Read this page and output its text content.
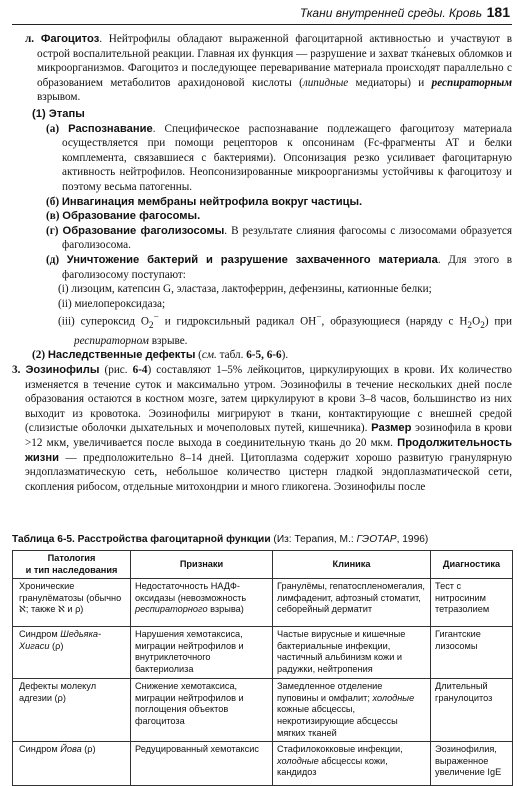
Ткани внутренней среды. Кровь 181
л. Фагоцитоз. Нейтрофилы обладают выраженной фагоцитарной активностью и участвуют в острой воспалительной реакции. Главная их функция — разрушение и захват тка́невых обломков и микроорганизмов. Фагоцитоз и последующее переваривание материала происходят параллельно с образованием метаболитов арахидоновой кислоты (липидные медиаторы) и респираторным взрывом.
(1) Этапы
(а) Распознавание. Специфическое распознавание подлежащего фагоцитозу материала осуществляется при помощи рецепторов к опсонинам (Fc-фрагменты АТ и белки комплемента, связавшиеся с бактериями). Опсонизация резко усиливает фагоцитарную активность нейтрофилов. Неопсонизированные микроорганизмы устойчивы к фагоцитозу и поэтому весьма патогенны.
(б) Инвагинация мембраны нейтрофила вокруг частицы.
(в) Образование фагосомы.
(г) Образование фаголизосомы. В результате слияния фагосомы с лизосомами образуется фаголизосома.
(д) Уничтожение бактерий и разрушение захваченного материала. Для этого в фаголизосому поступают:
(i) лизоцим, катепсин G, эластаза, лактоферрин, дефензины, катионные белки;
(ii) миелопероксидаза;
(iii) супероксид $O_2^-$ и гидроксильный радикал OH−, образующиеся (наряду с $H_2O_2$) при респираторном взрыве.
(2) Наследственные дефекты (см. табл. 6-5, 6-6).
3. Эозинофилы (рис. 6-4) составляют 1–5% лейкоцитов, циркулирующих в крови. Их количество изменяется в течение суток и максимально утром. Эозинофилы в течение нескольких дней после образования остаются в костном мозге, затем циркулируют в крови 3–8 часов, большинство из них выходит из кровотока. Эозинофилы мигрируют в ткани, контактирующие с внешней средой (слизистые оболочки дыхательных и мочеполовых путей, кишечника). Размер эозинофила в крови >12 мкм, увеличивается после выхода в соединительную ткань до 20 мкм. Продолжительность жизни — предположительно 8–14 дней. Цитоплазма содержит хорошо развитую гранулярную эндоплазматическую сеть, небольшое количество цистерн гладкой эндоплазматической сети, скопления рибосом, отдельные митохондрии и много гликогена. Эозинофилы после
Таблица 6-5. Расстройства фагоцитарной функции (Из: Терапия, М.: ГЭОТАР, 1996)
Патология
и тип наследования	Признаки	Клиника	Диагностика
Хронические гранулёматозы (обычно ℵ; также ℵ и ρ)	Недостаточность НАДФ-оксидазы (невозможность респираторного взрыва)	Гранулёмы, гепатоспленомегалия, лимфаденит, афтозный стоматит, себорейный дерматит	Тест с нитросиним тетразолием
Синдром Шедьяка-Хигаси (ρ)	Нарушения хемотаксиса, миграции нейтрофилов и внутриклеточного бактериолиза	Частые вирусные и кишечные бактериальные инфекции, частичный альбинизм кожи и радужки, нейтропения	Гигантские лизосомы
Дефекты молекул адгезии (ρ)	Снижение хемотаксиса, миграции нейтрофилов и поглощения объектов фагоцитоза	Замедленное отделение пуповины и омфалит; холодные кожные абсцессы, некротизирующие абсцессы мягких тканей	Длительный гранулоцитоз
Синдром Йова (ρ)	Редуцированный хемотаксис	Стафилококковые инфекции, холодные абсцессы кожи, кандидоз	Эозинофилия, выраженное увеличение IgE
